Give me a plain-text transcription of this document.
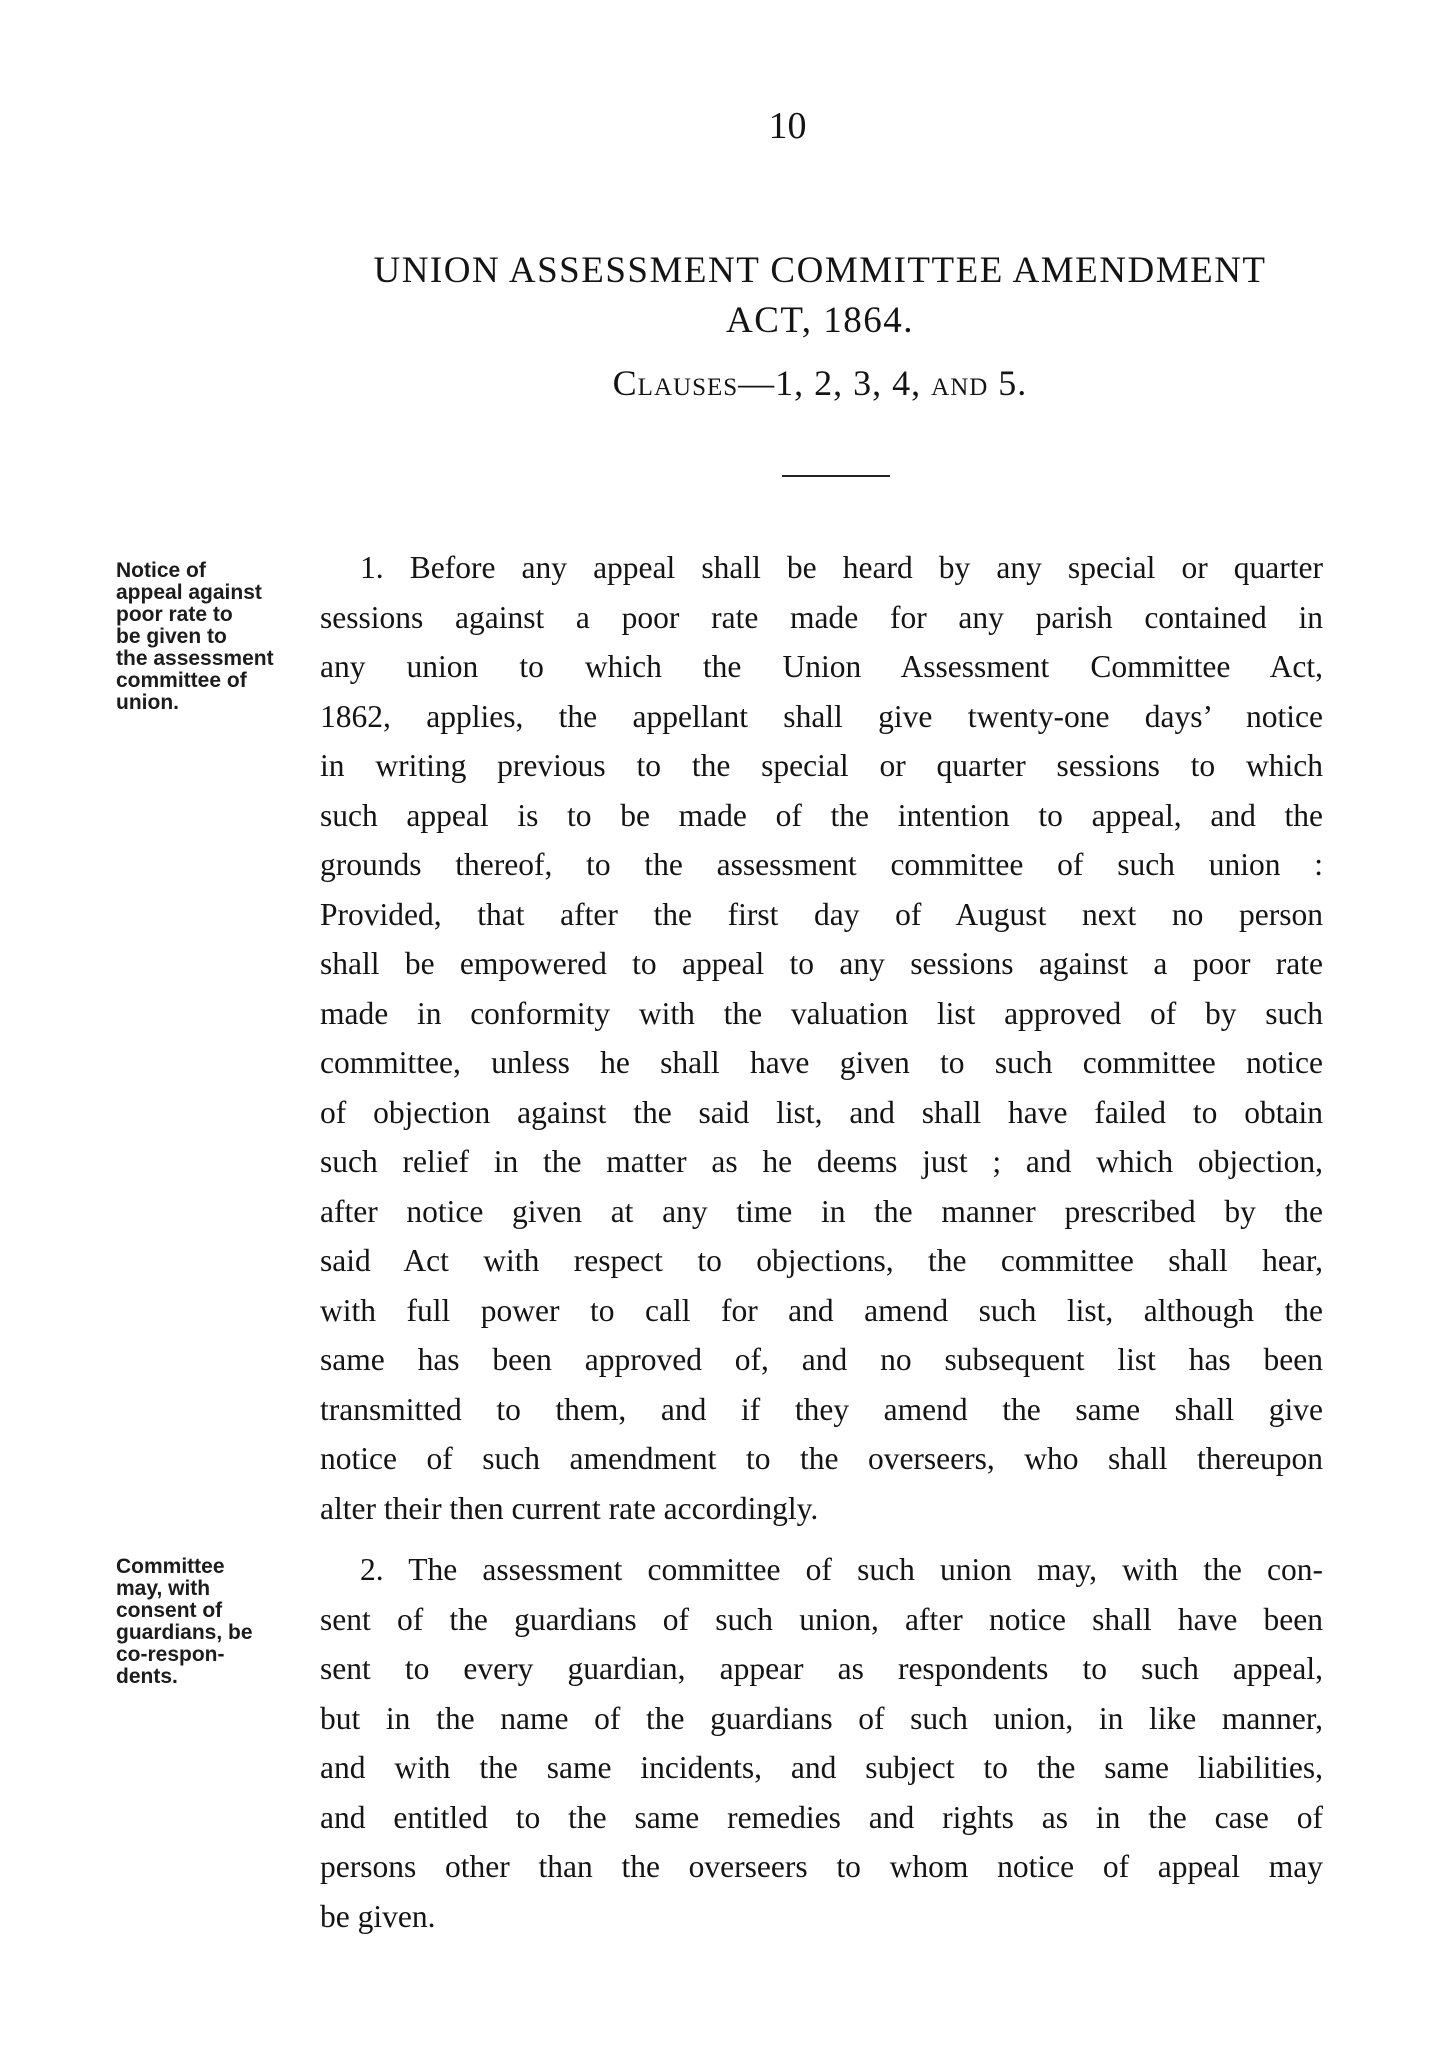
10
UNION ASSESSMENT COMMITTEE AMENDMENT
ACT, 1864.
Clauses—1, 2, 3, 4, and 5.
Notice of
appeal against
poor rate to
be given to
the assessment
committee of
union.
Committee
may, with
consent of
guardians, be
co-respon-
dents.
1. Before any appeal shall be heard by any special or quarter
sessions against a poor rate made for any parish contained in
any union to which the Union Assessment Committee Act,
1862, applies, the appellant shall give twenty-one days’ notice
in writing previous to the special or quarter sessions to which
such appeal is to be made of the intention to appeal, and the
grounds thereof, to the assessment committee of such union :
Provided, that after the first day of August next no person
shall be empowered to appeal to any sessions against a poor rate
made in conformity with the valuation list approved of by such
committee, unless he shall have given to such committee notice
of objection against the said list, and shall have failed to obtain
such relief in the matter as he deems just ; and which objection,
after notice given at any time in the manner prescribed by the
said Act with respect to objections, the committee shall hear,
with full power to call for and amend such list, although the
same has been approved of, and no subsequent list has been
transmitted to them, and if they amend the same shall give
notice of such amendment to the overseers, who shall thereupon
alter their then current rate accordingly.
2. The assessment committee of such union may, with the con-
sent of the guardians of such union, after notice shall have been
sent to every guardian, appear as respondents to such appeal,
but in the name of the guardians of such union, in like manner,
and with the same incidents, and subject to the same liabilities,
and entitled to the same remedies and rights as in the case of
persons other than the overseers to whom notice of appeal may
be given.
